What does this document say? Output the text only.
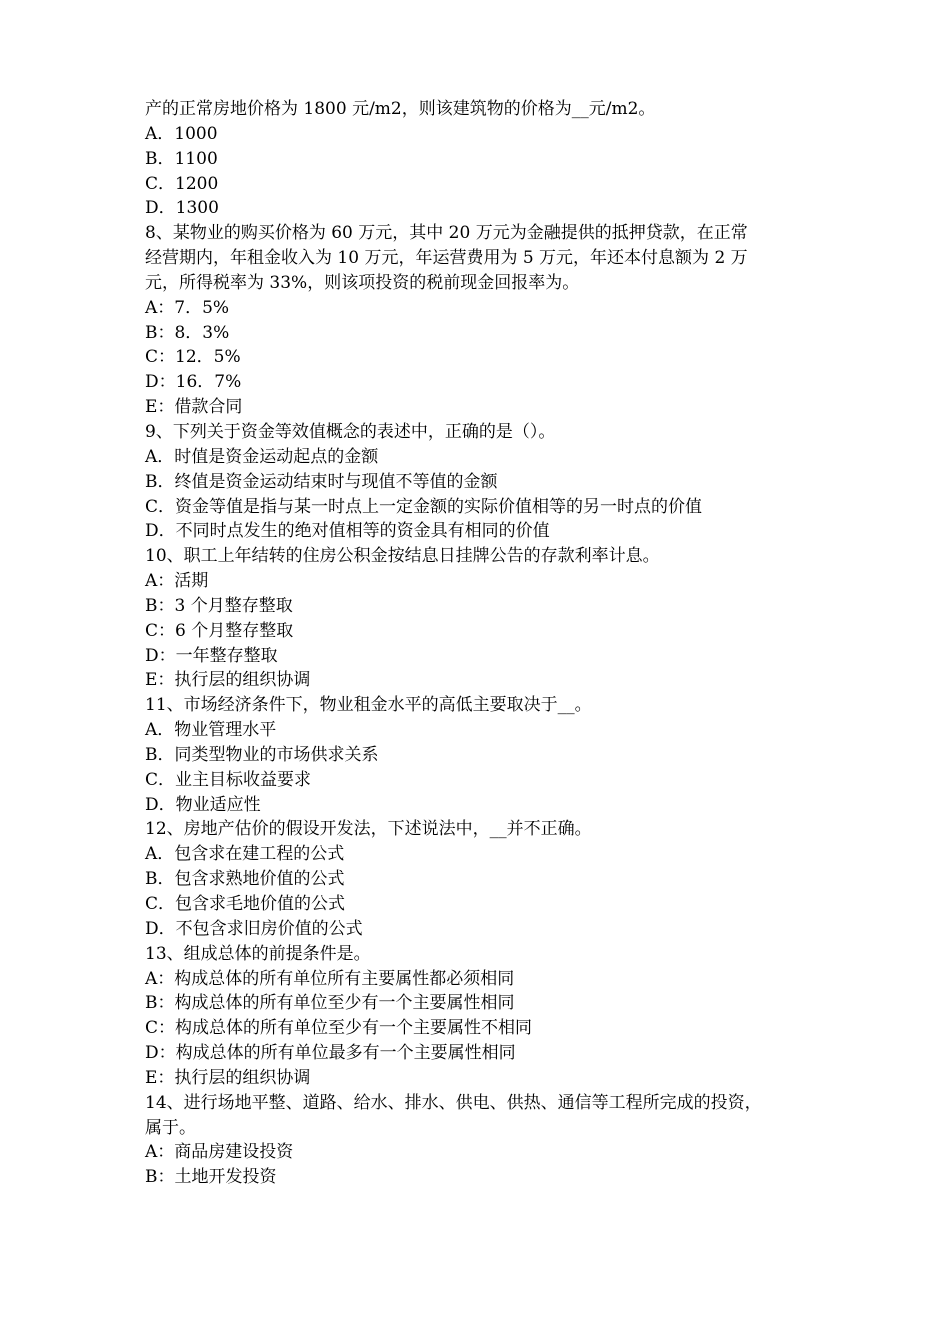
产的正常房地价格为 1800 元/m2，则该建筑物的价格为__元/m2。
A．1000
B．1100
C．1200
D．1300
8、某物业的购买价格为 60 万元，其中 20 万元为金融提供的抵押贷款，在正常
经营期内，年租金收入为 10 万元，年运营费用为 5 万元，年还本付息额为 2 万
元，所得税率为 33%，则该项投资的税前现金回报率为。
A：7．5%
B：8．3%
C：12．5%
D：16．7%
E：借款合同
9、下列关于资金等效值概念的表述中，正确的是（）。
A．时值是资金运动起点的金额
B．终值是资金运动结束时与现值不等值的金额
C．资金等值是指与某一时点上一定金额的实际价值相等的另一时点的价值
D．不同时点发生的绝对值相等的资金具有相同的价值
10、职工上年结转的住房公积金按结息日挂牌公告的存款利率计息。
A：活期
B：3 个月整存整取
C：6 个月整存整取
D：一年整存整取
E：执行层的组织协调
11、市场经济条件下，物业租金水平的高低主要取决于__。
A．物业管理水平
B．同类型物业的市场供求关系
C．业主目标收益要求
D．物业适应性
12、房地产估价的假设开发法，下述说法中，__并不正确。
A．包含求在建工程的公式
B．包含求熟地价值的公式
C．包含求毛地价值的公式
D．不包含求旧房价值的公式
13、组成总体的前提条件是。
A：构成总体的所有单位所有主要属性都必须相同
B：构成总体的所有单位至少有一个主要属性相同
C：构成总体的所有单位至少有一个主要属性不相同
D：构成总体的所有单位最多有一个主要属性相同
E：执行层的组织协调
14、进行场地平整、道路、给水、排水、供电、供热、通信等工程所完成的投资，
属于。
A：商品房建设投资
B：土地开发投资
